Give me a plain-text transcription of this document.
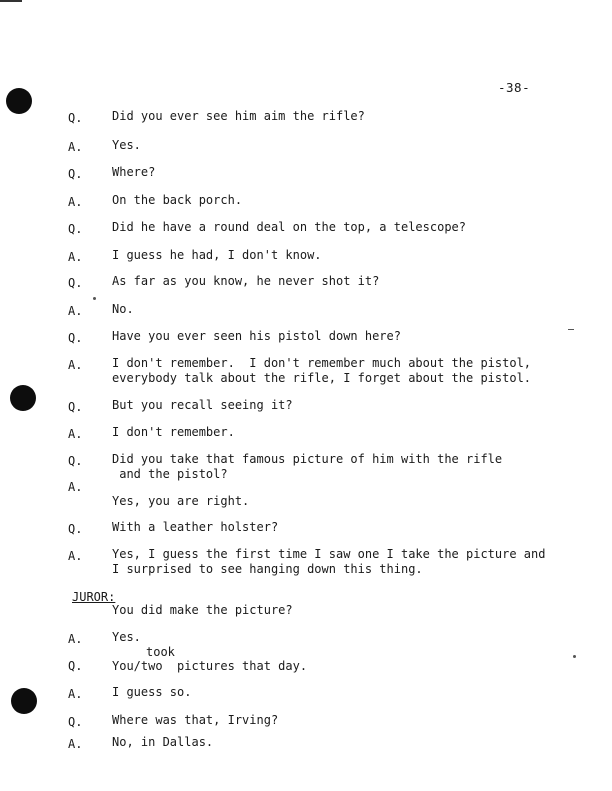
-38-
Q. Did you ever see him aim the rifle?
A. Yes.
Q. Where?
A. On the back porch.
Q. Did he have a round deal on the top, a telescope?
A. I guess he had, I don't know.
Q. As far as you know, he never shot it?
A. No.
Q. Have you ever seen his pistol down here?
A. I don't remember.  I don't remember much about the pistol,
everybody talk about the rifle, I forget about the pistol.
Q. But you recall seeing it?
A. I don't remember.
Q. Did you take that famous picture of him with the rifle
and the pistol?
A.
Yes, you are right.
Q. With a leather holster?
A. Yes, I guess the first time I saw one I take the picture and
I surprised to see hanging down this thing.
JUROR:
You did make the picture?
A. Yes.
took
Q. You/two  pictures that day.
A. I guess so.
Q. Where was that, Irving?
A. No, in Dallas.
